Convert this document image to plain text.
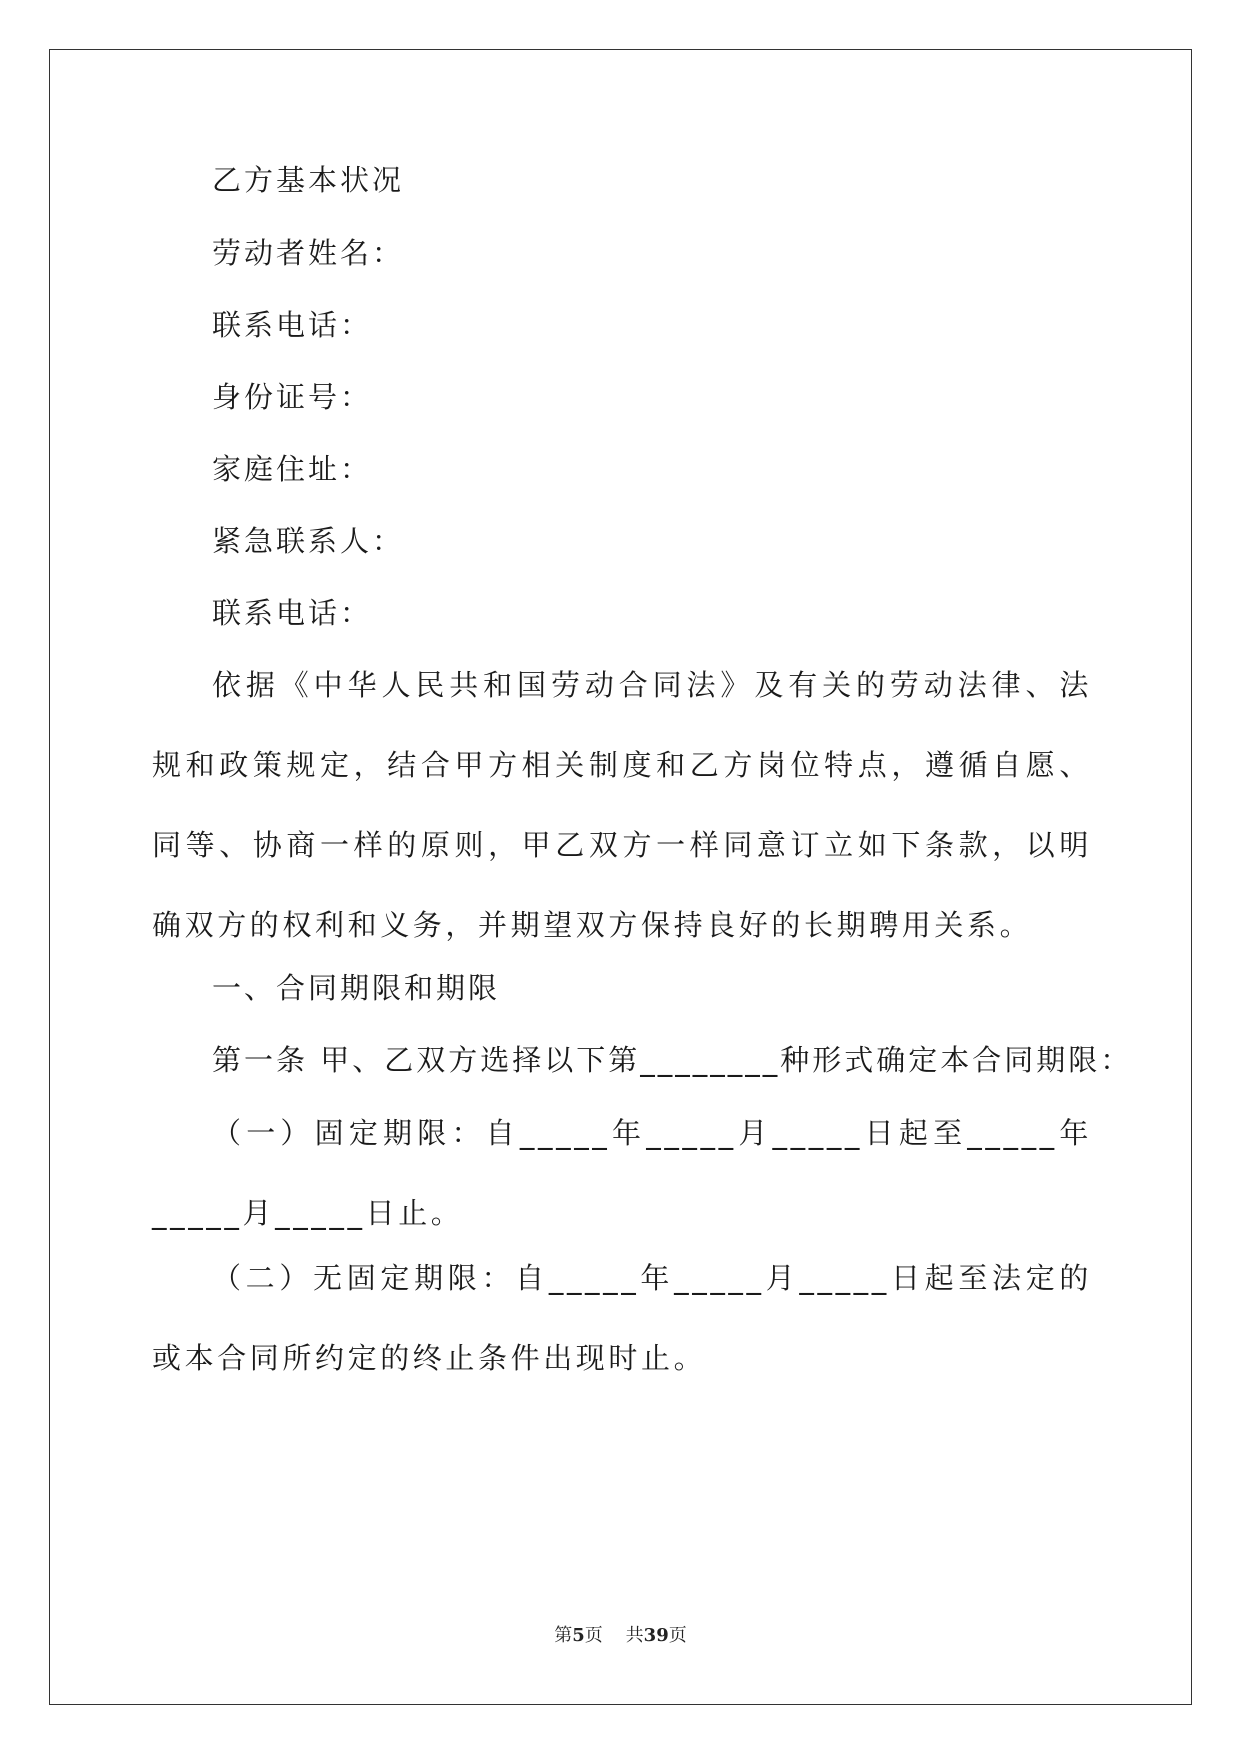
乙方基本状况
劳动者姓名：
联系电话：
身份证号：
家庭住址：
紧急联系人：
联系电话：
依据《中华人民共和国劳动合同法》及有关的劳动法律、法规和政策规定，结合甲方相关制度和乙方岗位特点，遵循自愿、同等、协商一样的原则，甲乙双方一样同意订立如下条款，以明确双方的权利和义务，并期望双方保持良好的长期聘用关系。
一、合同期限和期限
第一条 甲、乙双方选择以下第________种形式确定本合同期限：
（一）固定期限：自_____年_____月_____日起至_____年_____月_____日止。
（二）无固定期限：自_____年_____月_____日起至法定的或本合同所约定的终止条件出现时止。
第5页 共39页
